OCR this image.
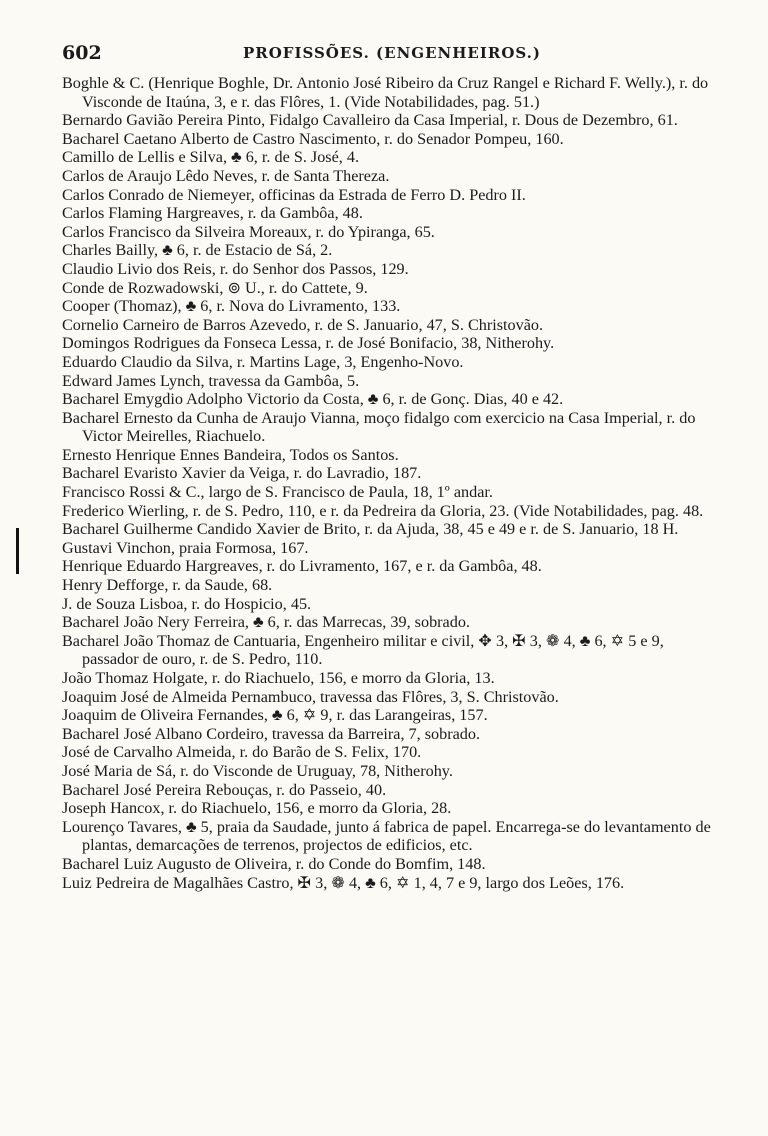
602	PROFISSÕES. (ENGENHEIROS.)

Boghle & C. (Henrique Boghle, Dr. Antonio José Ribeiro da Cruz Rangel e Richard F. Welly.), r. do Visconde de Itaúna, 3, e r. das Flôres, 1. (Vide Notabilidades, pag. 51.)

Bernardo Gavião Pereira Pinto, Fidalgo Cavalleiro da Casa Imperial, r. Dous de Dezembro, 61.

Bacharel Caetano Alberto de Castro Nascimento, r. do Senador Pompeu, 160.

Camillo de Lellis e Silva, ♣ 6, r. de S. José, 4.

Carlos de Araujo Lêdo Neves, r. de Santa Thereza.

Carlos Conrado de Niemeyer, officinas da Estrada de Ferro D. Pedro II.

Carlos Flaming Hargreaves, r. da Gambôa, 48.

Carlos Francisco da Silveira Moreaux, r. do Ypiranga, 65.

Charles Bailly, ♣ 6, r. de Estacio de Sá, 2.

Claudio Livio dos Reis, r. do Senhor dos Passos, 129.

Conde de Rozwadowski, ⊚ U., r. do Cattete, 9.

Cooper (Thomaz), ♣ 6, r. Nova do Livramento, 133.

Cornelio Carneiro de Barros Azevedo, r. de S. Januario, 47, S. Christovão.

Domingos Rodrigues da Fonseca Lessa, r. de José Bonifacio, 38, Nitherohy.

Eduardo Claudio da Silva, r. Martins Lage, 3, Engenho-Novo.

Edward James Lynch, travessa da Gambôa, 5.

Bacharel Emygdio Adolpho Victorio da Costa, ♣ 6, r. de Gonç. Dias, 40 e 42.

Bacharel Ernesto da Cunha de Araujo Vianna, moço fidalgo com exercicio na Casa Imperial, r. do Victor Meirelles, Riachuelo.

Ernesto Henrique Ennes Bandeira, Todos os Santos.

Bacharel Evaristo Xavier da Veiga, r. do Lavradio, 187.

Francisco Rossi & C., largo de S. Francisco de Paula, 18, 1º andar.

Frederico Wierling, r. de S. Pedro, 110, e r. da Pedreira da Gloria, 23. (Vide Notabilidades, pag. 48.

Bacharel Guilherme Candido Xavier de Brito, r. da Ajuda, 38, 45 e 49 e r. de S. Januario, 18 H.

Gustavi Vinchon, praia Formosa, 167.

Henrique Eduardo Hargreaves, r. do Livramento, 167, e r. da Gambôa, 48.

Henry Defforge, r. da Saude, 68.

J. de Souza Lisboa, r. do Hospicio, 45.

Bacharel João Nery Ferreira, ♣ 6, r. das Marrecas, 39, sobrado.

Bacharel João Thomaz de Cantuaria, Engenheiro militar e civil, ✥ 3, ✠ 3, ❁ 4, ♣ 6, ✡ 5 e 9, passador de ouro, r. de S. Pedro, 110.

João Thomaz Holgate, r. do Riachuelo, 156, e morro da Gloria, 13.

Joaquim José de Almeida Pernambuco, travessa das Flôres, 3, S. Christovão.

Joaquim de Oliveira Fernandes, ♣ 6, ✡ 9, r. das Larangeiras, 157.

Bacharel José Albano Cordeiro, travessa da Barreira, 7, sobrado.

José de Carvalho Almeida, r. do Barão de S. Felix, 170.

José Maria de Sá, r. do Visconde de Uruguay, 78, Nitherohy.

Bacharel José Pereira Rebouças, r. do Passeio, 40.

Joseph Hancox, r. do Riachuelo, 156, e morro da Gloria, 28.

Lourenço Tavares, ♣ 5, praia da Saudade, junto á fabrica de papel. Encarrega-se do levantamento de plantas, demarcações de terrenos, projectos de edificios, etc.

Bacharel Luiz Augusto de Oliveira, r. do Conde do Bomfim, 148.

Luiz Pedreira de Magalhães Castro, ✠ 3, ❁ 4, ♣ 6, ✡ 1, 4, 7 e 9, largo dos Leões, 176.
